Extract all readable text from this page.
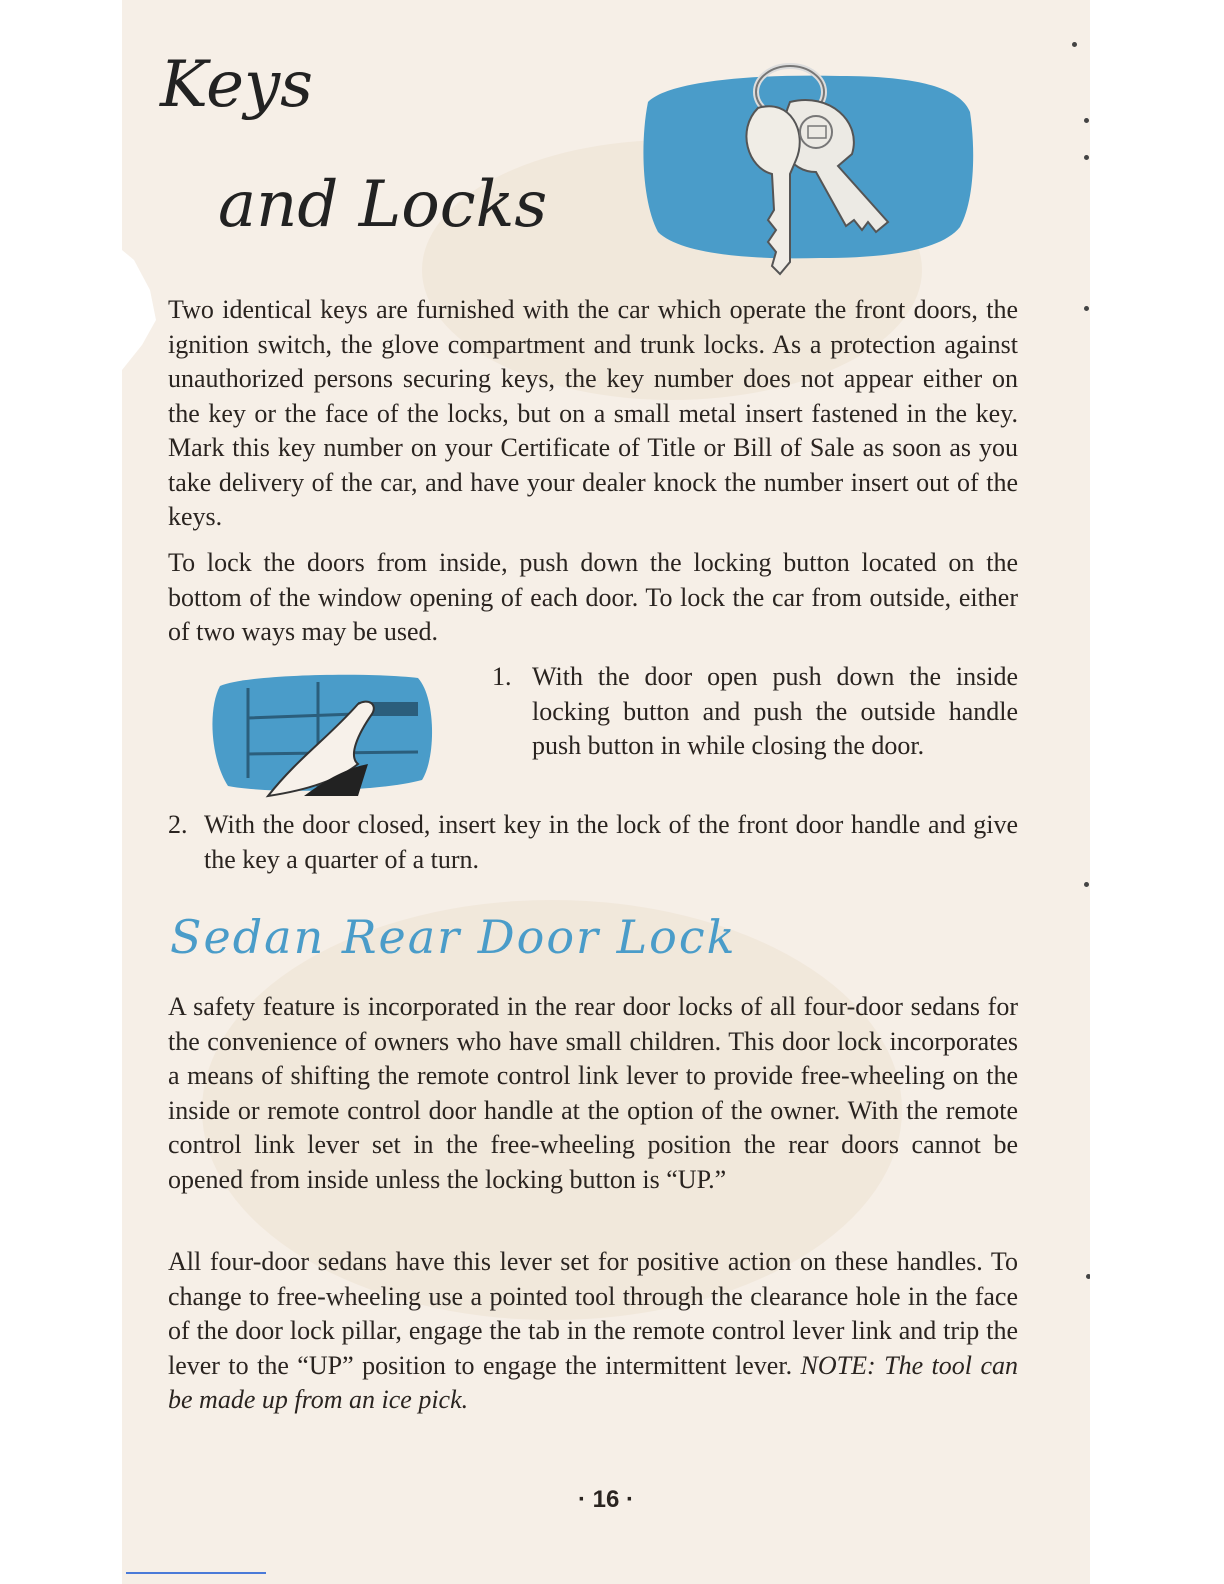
Keys
and Locks

Two identical keys are furnished with the car which operate the front doors, the ignition switch, the glove compartment and trunk locks. As a protection against unauthorized persons securing keys, the key number does not appear either on the key or the face of the locks, but on a small metal insert fastened in the key. Mark this key number on your Certificate of Title or Bill of Sale as soon as you take delivery of the car, and have your dealer knock the number insert out of the keys.

To lock the doors from inside, push down the locking button located on the bottom of the window opening of each door. To lock the car from outside, either of two ways may be used.

1. With the door open push down the inside locking button and push the outside handle push button in while closing the door.
2. With the door closed, insert key in the lock of the front door handle and give the key a quarter of a turn.
Sedan Rear Door Lock

A safety feature is incorporated in the rear door locks of all four-door sedans for the convenience of owners who have small children. This door lock incorporates a means of shifting the remote control link lever to provide free-wheeling on the inside or remote control door handle at the option of the owner. With the remote control link lever set in the free-wheeling position the rear doors cannot be opened from inside unless the locking button is “UP.”

All four-door sedans have this lever set for positive action on these handles. To change to free-wheeling use a pointed tool through the clearance hole in the face of the door lock pillar, engage the tab in the remote control lever link and trip the lever to the “UP” position to engage the intermittent lever. NOTE: The tool can be made up from an ice pick.

· 16 ·
